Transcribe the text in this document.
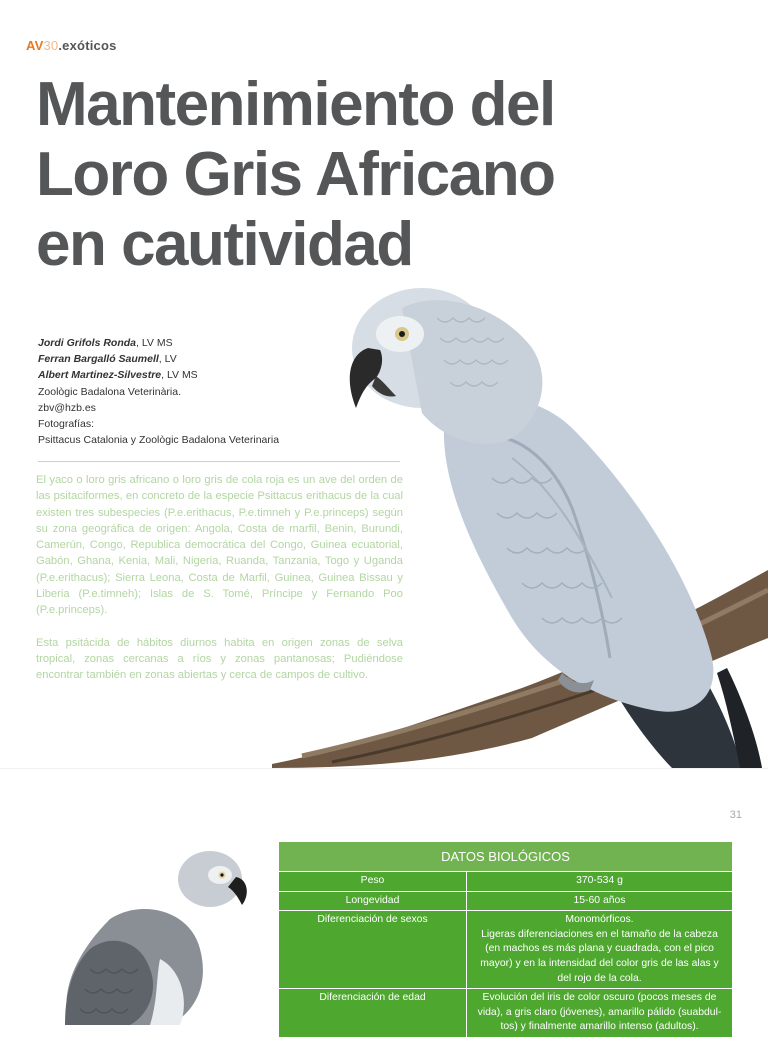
AV30.exóticos
Mantenimiento del
Loro Gris Africano
en cautividad
Jordi Grifols Ronda, LV MS
Ferran Bargalló Saumell, LV
Albert Martinez-Silvestre, LV MS
Zoològic Badalona Veterinària.
zbv@hzb.es
Fotografías:
Psittacus Catalonia y Zoològic Badalona Veterinaria

El yaco o loro gris africano o loro gris de cola roja es un ave del orden de las psitaciformes, en concreto de la especie Psittacus erithacus de la cual existen tres subespecies (P.e.erithacus, P.e.timneh y P.e.princeps) según su zona geográfica de origen: Angola, Costa de marfil, Benin, Burundi, Camerún, Congo, Republica democrática del Congo, Guinea ecuatorial, Gabón, Ghana, Kenia, Mali, Nigeria, Ruanda, Tanzania, Togo y Uganda (P.e.erithacus); Sierra Leona, Costa de Marfil, Guinea, Guinea Bissau y Liberia (P.e.timneh); Islas de S. Tomé, Príncipe y Fernando Poo (P.e.princeps).

Esta psitácida de hábitos diurnos habita en origen zonas de selva tropical, zonas cercanas a ríos y zonas pantanosas; Pudiéndose encontrar también en zonas abiertas y cerca de campos de cultivo.

31
DATOS BIOLÓGICOS	
Peso	370-534 g
Longevidad	15-60 años
Diferenciación de sexos	Monomórficos.
Ligeras diferenciaciones en el tamaño de la cabeza (en machos es más plana y cuadrada, con el pico mayor) y en la intensidad del color gris de las alas y del rojo de la cola.
Diferenciación de edad	Evolución del iris de color oscuro (pocos meses de vida), a gris claro (jóvenes), amarillo pálido (suabdul-tos) y finalmente amarillo intenso (adultos).
